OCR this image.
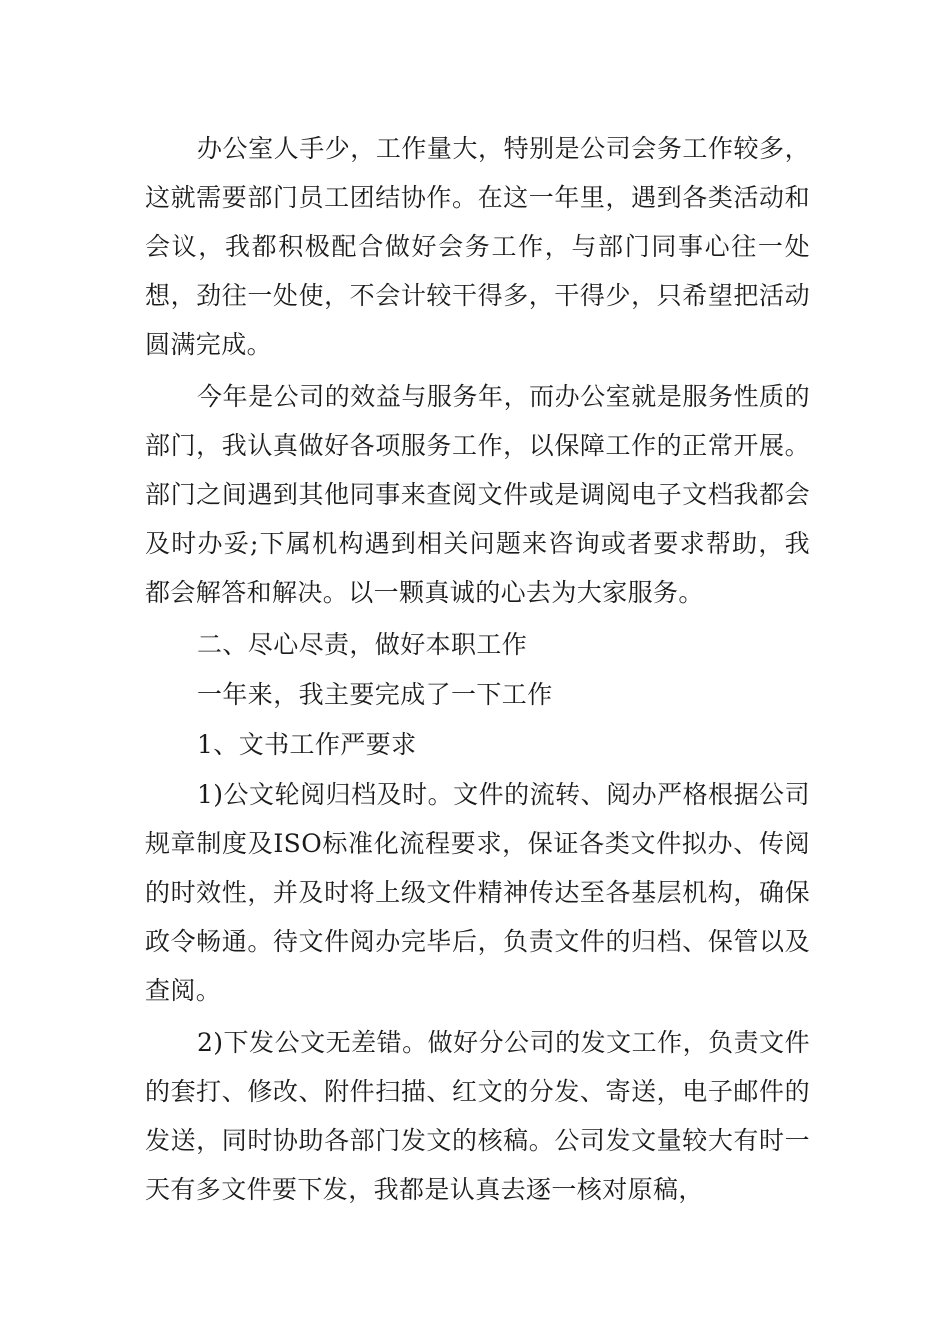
办公室人手少，工作量大，特别是公司会务工作较多，这就需要部门员工团结协作。在这一年里，遇到各类活动和会议，我都积极配合做好会务工作，与部门同事心往一处想，劲往一处使，不会计较干得多，干得少，只希望把活动圆满完成。

今年是公司的效益与服务年，而办公室就是服务性质的部门，我认真做好各项服务工作，以保障工作的正常开展。部门之间遇到其他同事来查阅文件或是调阅电子文档我都会及时办妥;下属机构遇到相关问题来咨询或者要求帮助，我都会解答和解决。以一颗真诚的心去为大家服务。

二、尽心尽责，做好本职工作

一年来，我主要完成了一下工作

1、文书工作严要求

1)公文轮阅归档及时。文件的流转、阅办严格根据公司规章制度及ISO标准化流程要求，保证各类文件拟办、传阅的时效性，并及时将上级文件精神传达至各基层机构，确保政令畅通。待文件阅办完毕后，负责文件的归档、保管以及查阅。

2)下发公文无差错。做好分公司的发文工作，负责文件的套打、修改、附件扫描、红文的分发、寄送，电子邮件的发送，同时协助各部门发文的核稿。公司发文量较大有时一天有多文件要下发，我都是认真去逐一核对原稿，
